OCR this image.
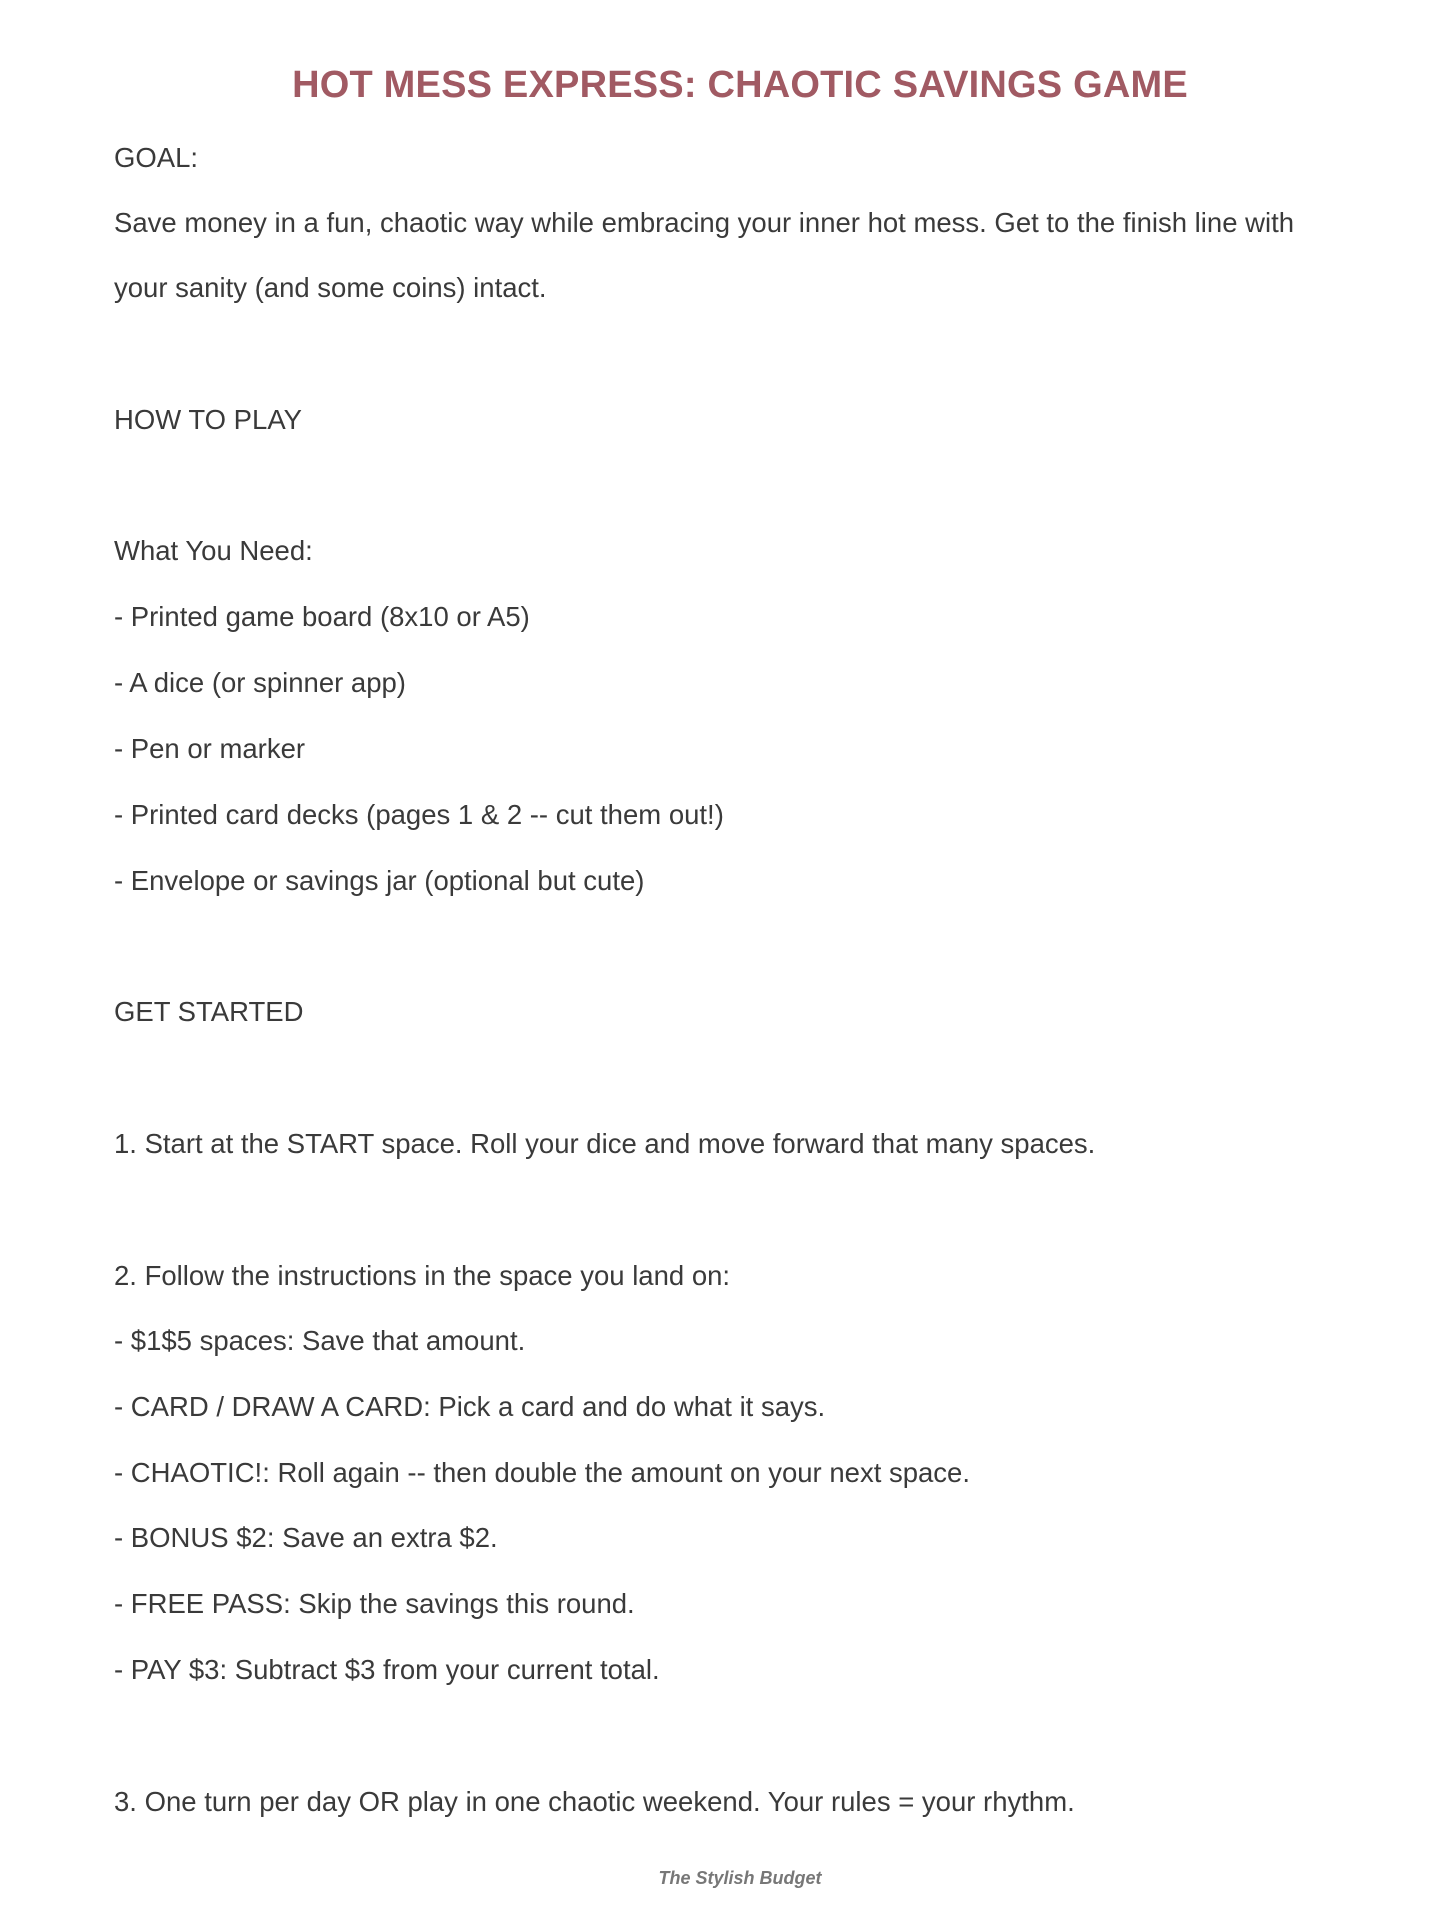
HOT MESS EXPRESS: CHAOTIC SAVINGS GAME

GOAL:

Save money in a fun, chaotic way while embracing your inner hot mess. Get to the finish line with

your sanity (and some coins) intact.

HOW TO PLAY

What You Need:

- Printed game board (8x10 or A5)

- A dice (or spinner app)

- Pen or marker

- Printed card decks (pages 1 & 2 -- cut them out!)

- Envelope or savings jar (optional but cute)

GET STARTED

1. Start at the START space. Roll your dice and move forward that many spaces.

2. Follow the instructions in the space you land on:

- $1$5 spaces: Save that amount.

- CARD / DRAW A CARD: Pick a card and do what it says.

- CHAOTIC!: Roll again -- then double the amount on your next space.

- BONUS $2: Save an extra $2.

- FREE PASS: Skip the savings this round.

- PAY $3: Subtract $3 from your current total.

3. One turn per day OR play in one chaotic weekend. Your rules = your rhythm.

The Stylish Budget
